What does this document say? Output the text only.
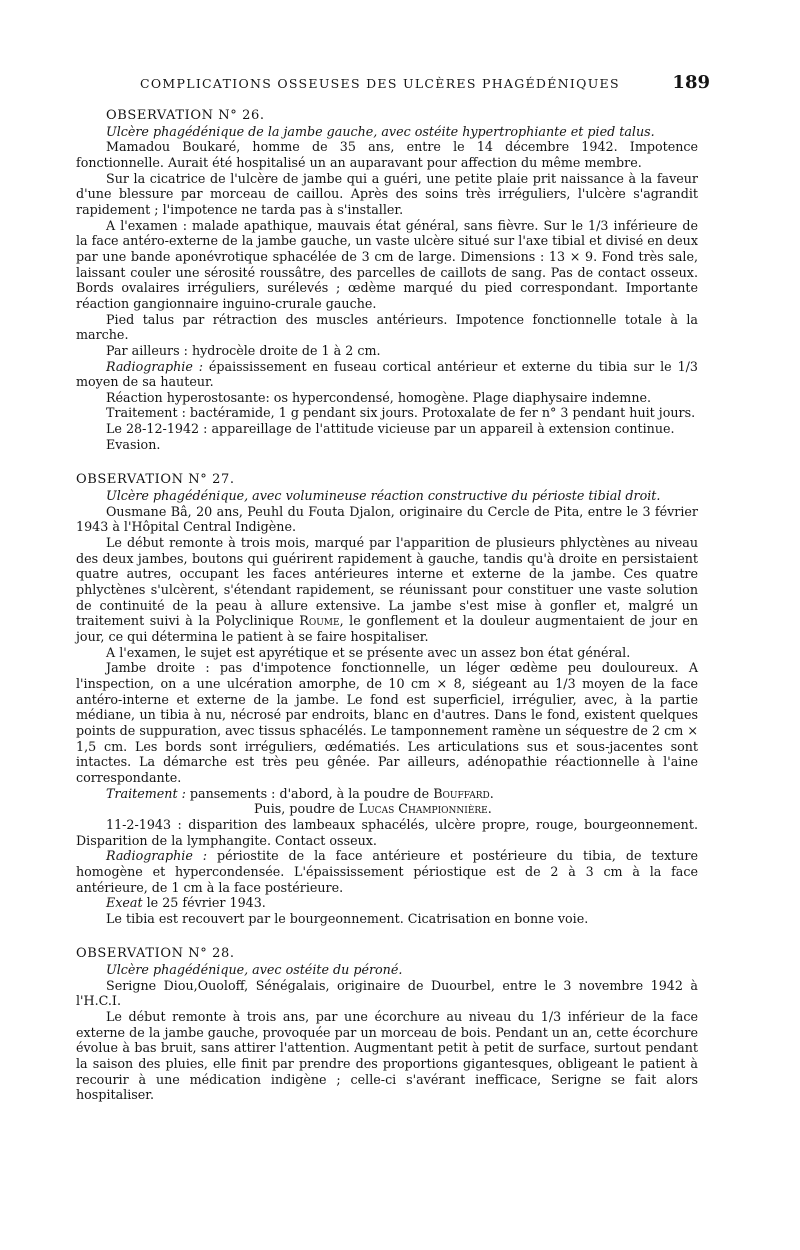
COMPLICATIONS OSSEUSES DES ULCÈRES PHAGÉDÉNIQUES	189
OBSERVATION N° 26.
Ulcère phagédénique de la jambe gauche, avec ostéite hypertrophiante et pied talus.

Mamadou Boukaré, homme de 35 ans, entre le 14 décembre 1942. Impotence fonctionnelle. Aurait été hospitalisé un an auparavant pour affection du même membre.

Sur la cicatrice de l'ulcère de jambe qui a guéri, une petite plaie prit naissance à la faveur d'une blessure par morceau de caillou. Après des soins très irréguliers, l'ulcère s'agrandit rapidement ; l'impotence ne tarda pas à s'installer.

A l'examen : malade apathique, mauvais état général, sans fièvre. Sur le 1/3 inférieure de la face antéro-externe de la jambe gauche, un vaste ulcère situé sur l'axe tibial et divisé en deux par une bande aponévrotique sphacélée de 3 cm de large. Dimensions : 13 × 9. Fond très sale, laissant couler une sérosité roussâtre, des parcelles de caillots de sang. Pas de contact osseux. Bords ovalaires irréguliers, surélevés ; œdème marqué du pied correspondant. Importante réaction gangionnaire inguino-crurale gauche.

Pied talus par rétraction des muscles antérieurs. Impotence fonctionnelle totale à la marche.

Par ailleurs : hydrocèle droite de 1 à 2 cm.

Radiographie : épaississement en fuseau cortical antérieur et externe du tibia sur le 1/3 moyen de sa hauteur.

Réaction hyperostosante: os hypercondensé, homogène. Plage diaphysaire indemne.

Traitement : bactéramide, 1 g pendant six jours. Protoxalate de fer n° 3 pendant huit jours.

Le 28-12-1942 : appareillage de l'attitude vicieuse par un appareil à extension continue.

Evasion.

OBSERVATION N° 27.
Ulcère phagédénique, avec volumineuse réaction constructive du périoste tibial droit.

Ousmane Bâ, 20 ans, Peuhl du Fouta Djalon, originaire du Cercle de Pita, entre le 3 février 1943 à l'Hôpital Central Indigène.

Le début remonte à trois mois, marqué par l'apparition de plusieurs phlyctènes au niveau des deux jambes, boutons qui guérirent rapidement à gauche, tandis qu'à droite en persistaient quatre autres, occupant les faces antérieures interne et externe de la jambe. Ces quatre phlyctènes s'ulcèrent, s'étendant rapidement, se réunissant pour constituer une vaste solution de continuité de la peau à allure extensive. La jambe s'est mise à gonfler et, malgré un traitement suivi à la Polyclinique Roume, le gonflement et la douleur augmentaient de jour en jour, ce qui détermina le patient à se faire hospitaliser.

A l'examen, le sujet est apyrétique et se présente avec un assez bon état général.

Jambe droite : pas d'impotence fonctionnelle, un léger œdème peu douloureux. A l'inspection, on a une ulcération amorphe, de 10 cm × 8, siégeant au 1/3 moyen de la face antéro-interne et externe de la jambe. Le fond est superficiel, irrégulier, avec, à la partie médiane, un tibia à nu, nécrosé par endroits, blanc en d'autres. Dans le fond, existent quelques points de suppuration, avec tissus sphacélés. Le tamponnement ramène un séquestre de 2 cm × 1,5 cm. Les bords sont irréguliers, œdématiés. Les articulations sus et sous-jacentes sont intactes. La démarche est très peu gênée. Par ailleurs, adénopathie réactionnelle à l'aine correspondante.

Traitement : pansements : d'abord, à la poudre de Bouffard.

Puis, poudre de Lucas Championnière.

11-2-1943 : disparition des lambeaux sphacélés, ulcère propre, rouge, bourgeonnement. Disparition de la lymphangite. Contact osseux.

Radiographie : périostite de la face antérieure et postérieure du tibia, de texture homogène et hypercondensée. L'épaississement périostique est de 2 à 3 cm à la face antérieure, de 1 cm à la face postérieure.

Exeat le 25 février 1943.

Le tibia est recouvert par le bourgeonnement. Cicatrisation en bonne voie.

OBSERVATION N° 28.
Ulcère phagédénique, avec ostéite du péroné.

Serigne Diou,Ouoloff, Sénégalais, originaire de Duourbel, entre le 3 novembre 1942 à l'H.C.I.

Le début remonte à trois ans, par une écorchure au niveau du 1/3 inférieur de la face externe de la jambe gauche, provoquée par un morceau de bois. Pendant un an, cette écorchure évolue à bas bruit, sans attirer l'attention. Augmentant petit à petit de surface, surtout pendant la saison des pluies, elle finit par prendre des proportions gigantesques, obligeant le patient à recourir à une médication indigène ; celle-ci s'avérant inefficace, Serigne se fait alors hospitaliser.
